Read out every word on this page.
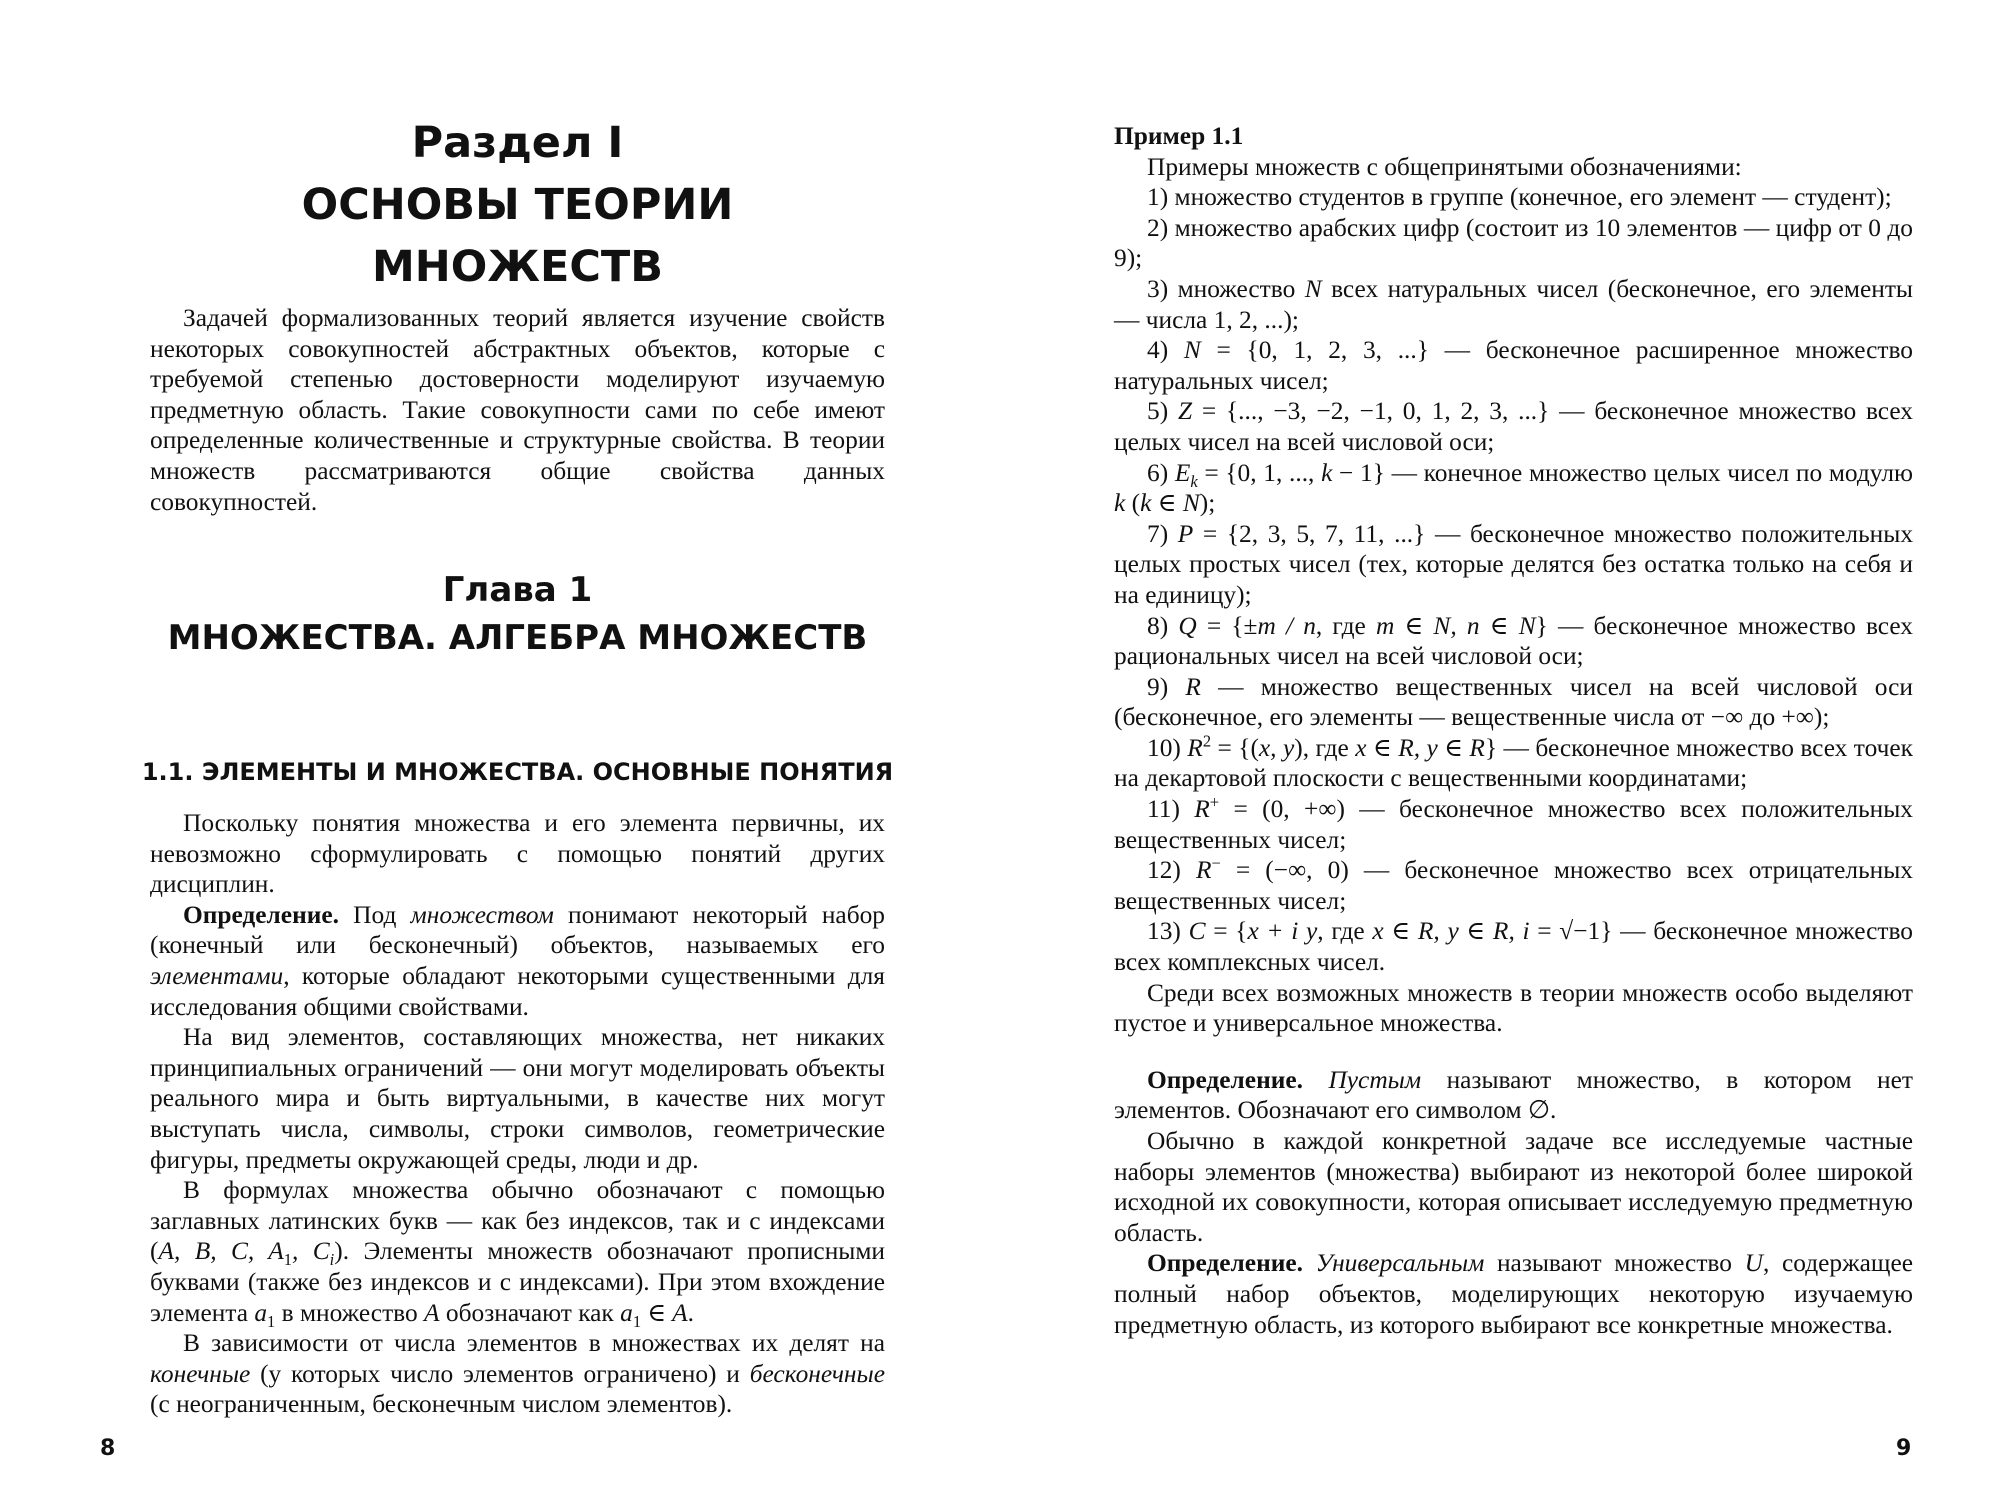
Раздел I
ОСНОВЫ ТЕОРИИ МНОЖЕСТВ

Задачей формализованных теорий является изучение свойств некоторых совокупностей абстрактных объектов, которые с требуемой степенью достоверности моделируют изучаемую предметную область. Такие совокупности сами по себе имеют определенные количественные и структурные свойства. В теории множеств рассматриваются общие свойства данных совокупностей.

Глава 1
МНОЖЕСТВА. АЛГЕБРА МНОЖЕСТВ
1.1. ЭЛЕМЕНТЫ И МНОЖЕСТВА. ОСНОВНЫЕ ПОНЯТИЯ

Поскольку понятия множества и его элемента первичны, их невозможно сформулировать с помощью понятий других дисциплин.

Определение. Под множеством понимают некоторый набор (конечный или бесконечный) объектов, называемых его элементами, которые обладают некоторыми существенными для исследования общими свойствами.

На вид элементов, составляющих множества, нет никаких принципиальных ограничений — они могут моделировать объекты реального мира и быть виртуальными, в качестве них могут выступать числа, символы, строки символов, геометрические фигуры, предметы окружающей среды, люди и др.

В формулах множества обычно обозначают с помощью заглавных латинских букв — как без индексов, так и с индексами (A, B, C, $A_1$, $C_i$). Элементы множеств обозначают прописными буквами (также без индексов и с индексами). При этом вхождение элемента $a_1$ в множество A обозначают как $a_1$ ∈ A.

В зависимости от числа элементов в множествах их делят на конечные (у которых число элементов ограничено) и бесконечные (с неограниченным, бесконечным числом элементов).

8

Пример 1.1

Примеры множеств с общепринятыми обозначениями:

1) множество студентов в группе (конечное, его элемент — студент);

2) множество арабских цифр (состоит из 10 элементов — цифр от 0 до 9);

3) множество N всех натуральных чисел (бесконечное, его элементы — числа 1, 2, ...);

4) N = {0, 1, 2, 3, ...} — бесконечное расширенное множество натуральных чисел;

5) Z = {..., −3, −2, −1, 0, 1, 2, 3, ...} — бесконечное множество всех целых чисел на всей числовой оси;

6) $E_k = \{0$, 1, ..., k − 1} — конечное множество целых чисел по модулю k (k ∈ N);

7) P = {2, 3, 5, 7, 11, ...} — бесконечное множество положительных целых простых чисел (тех, которые делятся без остатка только на себя и на единицу);

8) Q = {±m / n, где m ∈ N, n ∈ N} — бесконечное множество всех рациональных чисел на всей числовой оси;

9) R — множество вещественных чисел на всей числовой оси (бесконечное, его элементы — вещественные числа от −∞ до +∞);

10) $R^2 = \{(x$, y), где x ∈ R, y ∈ R} — бесконечное множество всех точек на декартовой плоскости с вещественными координатами;

11) R+ = (0, +∞) — бесконечное множество всех положительных вещественных чисел;

12) R− = (−∞, 0) — бесконечное множество всех отрицательных вещественных чисел;

13) C = {x + i y, где x ∈ R, y ∈ R, i = √−1} — бесконечное множество всех комплексных чисел.

Среди всех возможных множеств в теории множеств особо выделяют пустое и универсальное множества.

Определение. Пустым называют множество, в котором нет элементов. Обозначают его символом ∅.

Обычно в каждой конкретной задаче все исследуемые частные наборы элементов (множества) выбирают из некоторой более широкой исходной их совокупности, которая описывает исследуемую предметную область.

Определение. Универсальным называют множество U, содержащее полный набор объектов, моделирующих некоторую изучаемую предметную область, из которого выбирают все конкретные множества.

9
